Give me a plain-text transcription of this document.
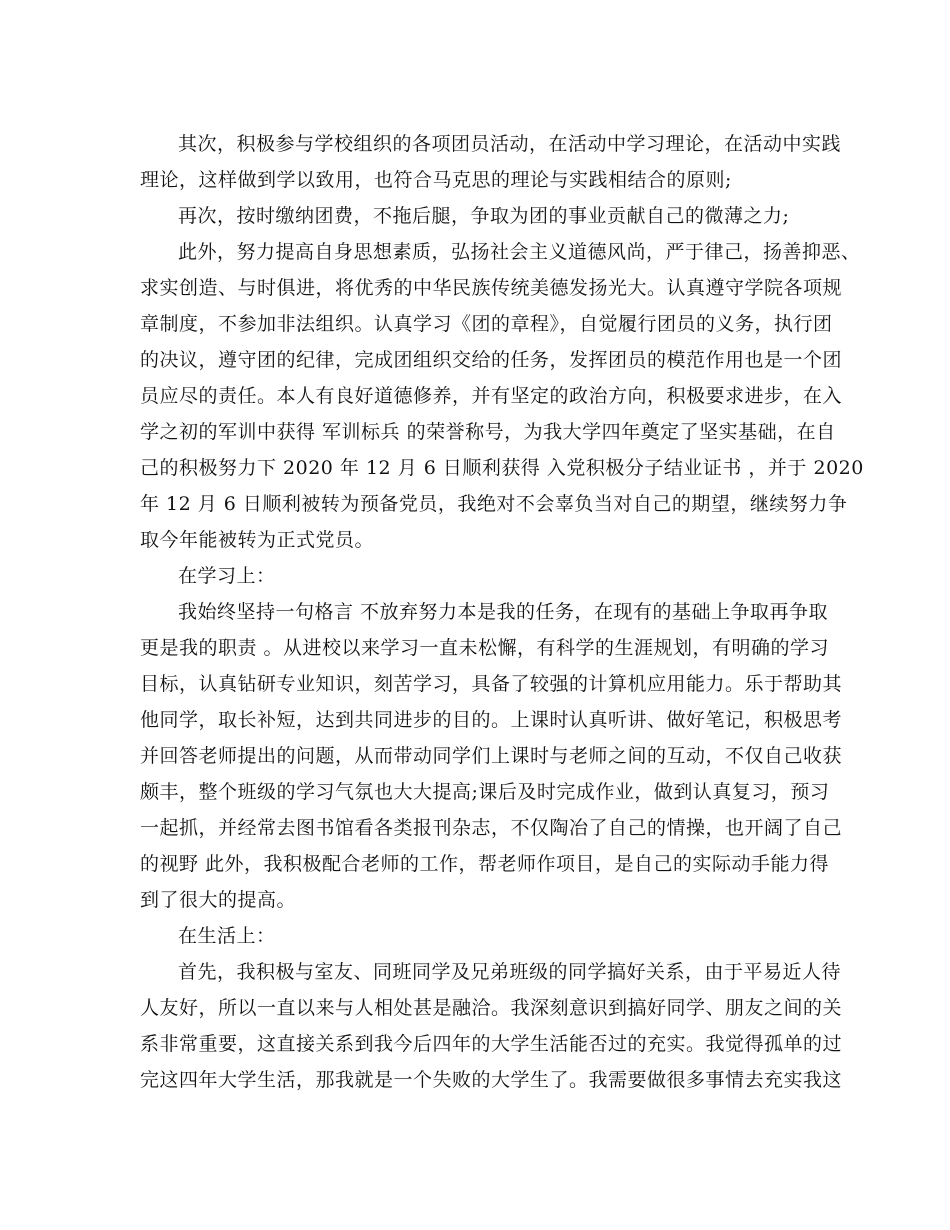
其次，积极参与学校组织的各项团员活动，在活动中学习理论，在活动中实践
理论，这样做到学以致用，也符合马克思的理论与实践相结合的原则;
再次，按时缴纳团费，不拖后腿，争取为团的事业贡献自己的微薄之力;
此外，努力提高自身思想素质，弘扬社会主义道德风尚，严于律己，扬善抑恶、
求实创造、与时俱进，将优秀的中华民族传统美德发扬光大。认真遵守学院各项规
章制度，不参加非法组织。认真学习《团的章程》，自觉履行团员的义务，执行团
的决议，遵守团的纪律，完成团组织交给的任务，发挥团员的模范作用也是一个团
员应尽的责任。本人有良好道德修养，并有坚定的政治方向，积极要求进步，在入
学之初的军训中获得 军训标兵 的荣誉称号，为我大学四年奠定了坚实基础，在自
己的积极努力下 2020 年 12 月 6 日顺利获得 入党积极分子结业证书 ，并于 2020
年 12 月 6 日顺利被转为预备党员，我绝对不会辜负当对自己的期望，继续努力争
取今年能被转为正式党员。
在学习上：
我始终坚持一句格言 不放弃努力本是我的任务，在现有的基础上争取再争取
更是我的职责 。从进校以来学习一直未松懈，有科学的生涯规划，有明确的学习
目标，认真钻研专业知识，刻苦学习，具备了较强的计算机应用能力。乐于帮助其
他同学，取长补短，达到共同进步的目的。上课时认真听讲、做好笔记，积极思考
并回答老师提出的问题，从而带动同学们上课时与老师之间的互动，不仅自己收获
颇丰，整个班级的学习气氛也大大提高;课后及时完成作业，做到认真复习，预习
一起抓，并经常去图书馆看各类报刊杂志，不仅陶冶了自己的情操，也开阔了自己
的视野 此外，我积极配合老师的工作，帮老师作项目，是自己的实际动手能力得
到了很大的提高。
在生活上：
首先，我积极与室友、同班同学及兄弟班级的同学搞好关系，由于平易近人待
人友好，所以一直以来与人相处甚是融洽。我深刻意识到搞好同学、朋友之间的关
系非常重要，这直接关系到我今后四年的大学生活能否过的充实。我觉得孤单的过
完这四年大学生活，那我就是一个失败的大学生了。我需要做很多事情去充实我这
